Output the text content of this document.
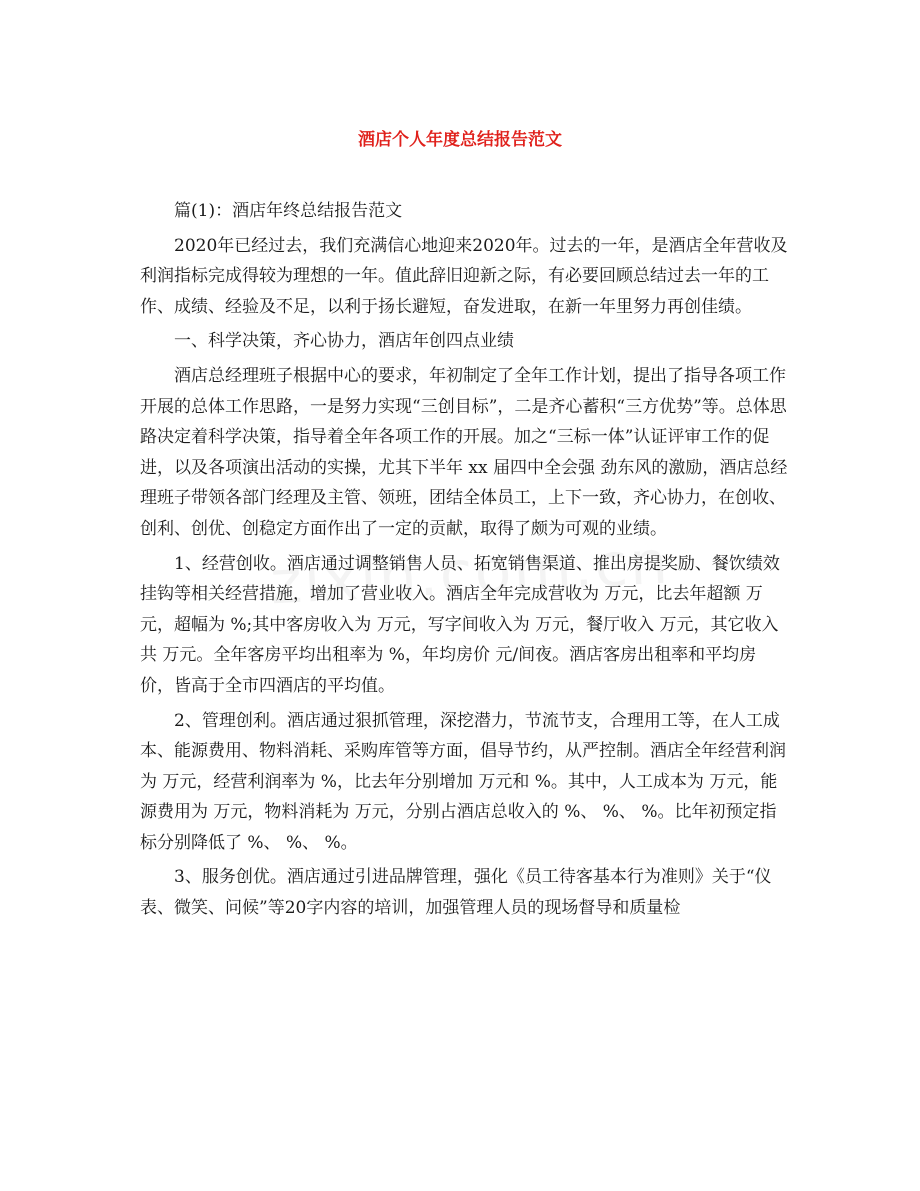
酒店个人年度总结报告范文

篇(1)：酒店年终总结报告范文

2020年已经过去，我们充满信心地迎来2020年。过去的一年，是酒店全年营收及利润指标完成得较为理想的一年。值此辞旧迎新之际，有必要回顾总结过去一年的工作、成绩、经验及不足，以利于扬长避短，奋发进取，在新一年里努力再创佳绩。

一、科学决策，齐心协力，酒店年创四点业绩

酒店总经理班子根据中心的要求，年初制定了全年工作计划，提出了指导各项工作开展的总体工作思路，一是努力实现“三创目标”，二是齐心蓄积“三方优势”等。总体思路决定着科学决策，指导着全年各项工作的开展。加之“三标一体”认证评审工作的促进，以及各项演出活动的实操，尤其下半年 xx 届四中全会强 劲东风的激励，酒店总经理班子带领各部门经理及主管、领班，团结全体员工，上下一致，齐心协力，在创收、创利、创优、创稳定方面作出了一定的贡献，取得了颇为可观的业绩。

1、经营创收。酒店通过调整销售人员、拓宽销售渠道、推出房提奖励、餐饮绩效挂钩等相关经营措施，增加了营业收入。酒店全年完成营收为 万元，比去年超额 万元，超幅为 %;其中客房收入为 万元，写字间收入为 万元，餐厅收入 万元，其它收入共 万元。全年客房平均出租率为 %，年均房价 元/间夜。酒店客房出租率和平均房价，皆高于全市四酒店的平均值。

2、管理创利。酒店通过狠抓管理，深挖潜力，节流节支，合理用工等，在人工成本、能源费用、物料消耗、采购库管等方面，倡导节约，从严控制。酒店全年经营利润为 万元，经营利润率为 %，比去年分别增加 万元和 %。其中，人工成本为 万元，能源费用为 万元，物料消耗为 万元，分别占酒店总收入的 %、 %、 %。比年初预定指标分别降低了 %、 %、 %。

3、服务创优。酒店通过引进品牌管理，强化《员工待客基本行为准则》关于“仪表、微笑、问候”等20字内容的培训，加强管理人员的现场督导和质量检
